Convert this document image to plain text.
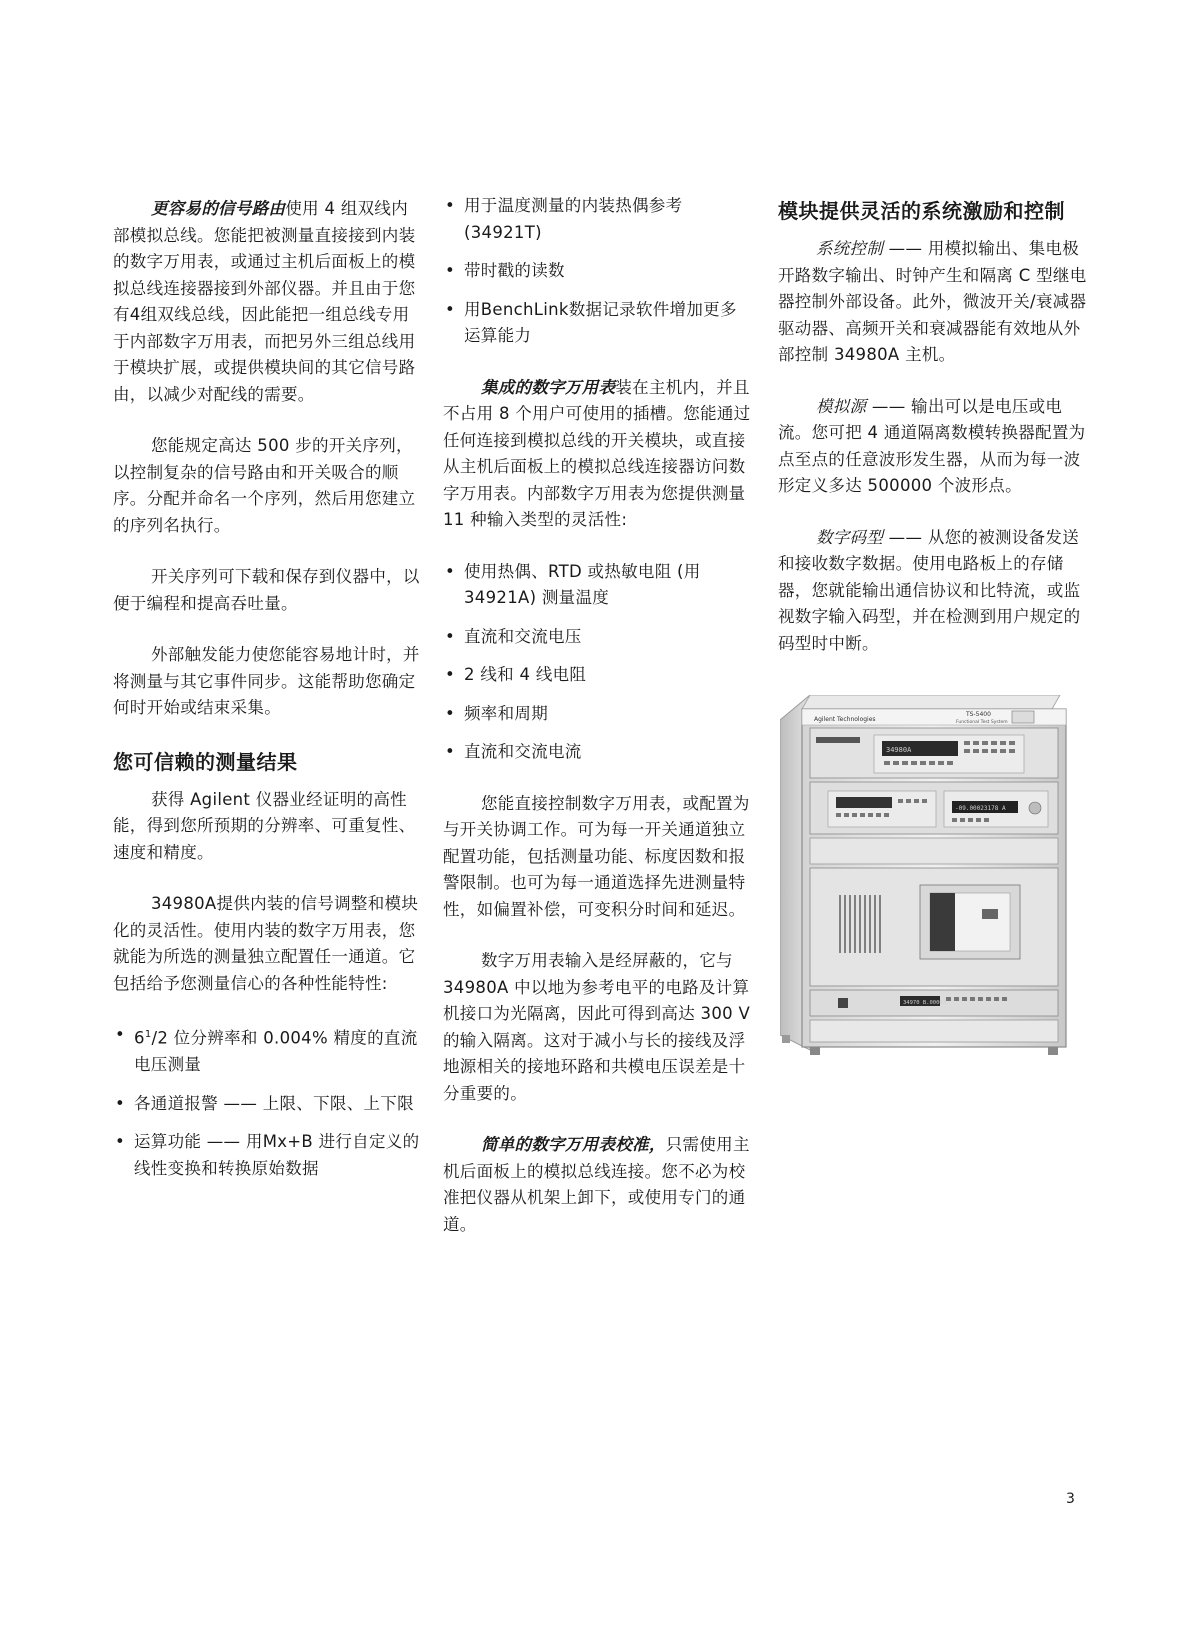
更容易的信号路由使用 4 组双线内部模拟总线。您能把被测量直接接到内装的数字万用表，或通过主机后面板上的模拟总线连接器接到外部仪器。并且由于您有4组双线总线，因此能把一组总线专用于内部数字万用表，而把另外三组总线用于模块扩展，或提供模块间的其它信号路由，以减少对配线的需要。

您能规定高达 500 步的开关序列，以控制复杂的信号路由和开关吸合的顺序。分配并命名一个序列，然后用您建立的序列名执行。

开关序列可下载和保存到仪器中，以便于编程和提高吞吐量。

外部触发能力使您能容易地计时，并将测量与其它事件同步。这能帮助您确定何时开始或结束采集。

您可信赖的测量结果

获得 Agilent 仪器业经证明的高性能，得到您所预期的分辨率、可重复性、速度和精度。

34980A提供内装的信号调整和模块化的灵活性。使用内装的数字万用表，您就能为所选的测量独立配置任一通道。它包括给予您测量信心的各种性能特性:

• $6^1/2$ 位分辨率和 0.004% 精度的直流电压测量
• 各通道报警 —— 上限、下限、上下限
• 运算功能 —— 用Mx+B 进行自定义的线性变换和转换原始数据
• 用于温度测量的内装热偶参考 (34921T)
• 带时戳的读数
• 用BenchLink数据记录软件增加更多运算能力

集成的数字万用表装在主机内，并且不占用 8 个用户可使用的插槽。您能通过任何连接到模拟总线的开关模块，或直接从主机后面板上的模拟总线连接器访问数字万用表。内部数字万用表为您提供测量 11 种输入类型的灵活性:

• 使用热偶、RTD 或热敏电阻 (用 34921A) 测量温度
• 直流和交流电压
• 2 线和 4 线电阻
• 频率和周期
• 直流和交流电流

您能直接控制数字万用表，或配置为与开关协调工作。可为每一开关通道独立配置功能，包括测量功能、标度因数和报警限制。也可为每一通道选择先进测量特性，如偏置补偿，可变积分时间和延迟。

数字万用表输入是经屏蔽的，它与 34980A 中以地为参考电平的电路及计算机接口为光隔离，因此可得到高达 300 V 的输入隔离。这对于减小与长的接线及浮地源相关的接地环路和共模电压误差是十分重要的。

简单的数字万用表校准，只需使用主机后面板上的模拟总线连接。您不必为校准把仪器从机架上卸下，或使用专门的通道。

模块提供灵活的系统激励和控制

系统控制 —— 用模拟输出、集电极开路数字输出、时钟产生和隔离 C 型继电器控制外部设备。此外，微波开关/衰减器驱动器、高频开关和衰减器能有效地从外部控制 34980A 主机。

模拟源 —— 输出可以是电压或电流。您可把 4 通道隔离数模转换器配置为点至点的任意波形发生器，从而为每一波形定义多达 500000 个波形点。

数字码型 —— 从您的被测设备发送和接收数字数据。使用电路板上的存储器，您就能输出通信协议和比特流，或监视数字输入码型，并在检测到用户规定的码型时中断。

Agilent Technologies
TS-5400
Functional Test System
34980A
-09.00023178 A
34970 B.00003
3
